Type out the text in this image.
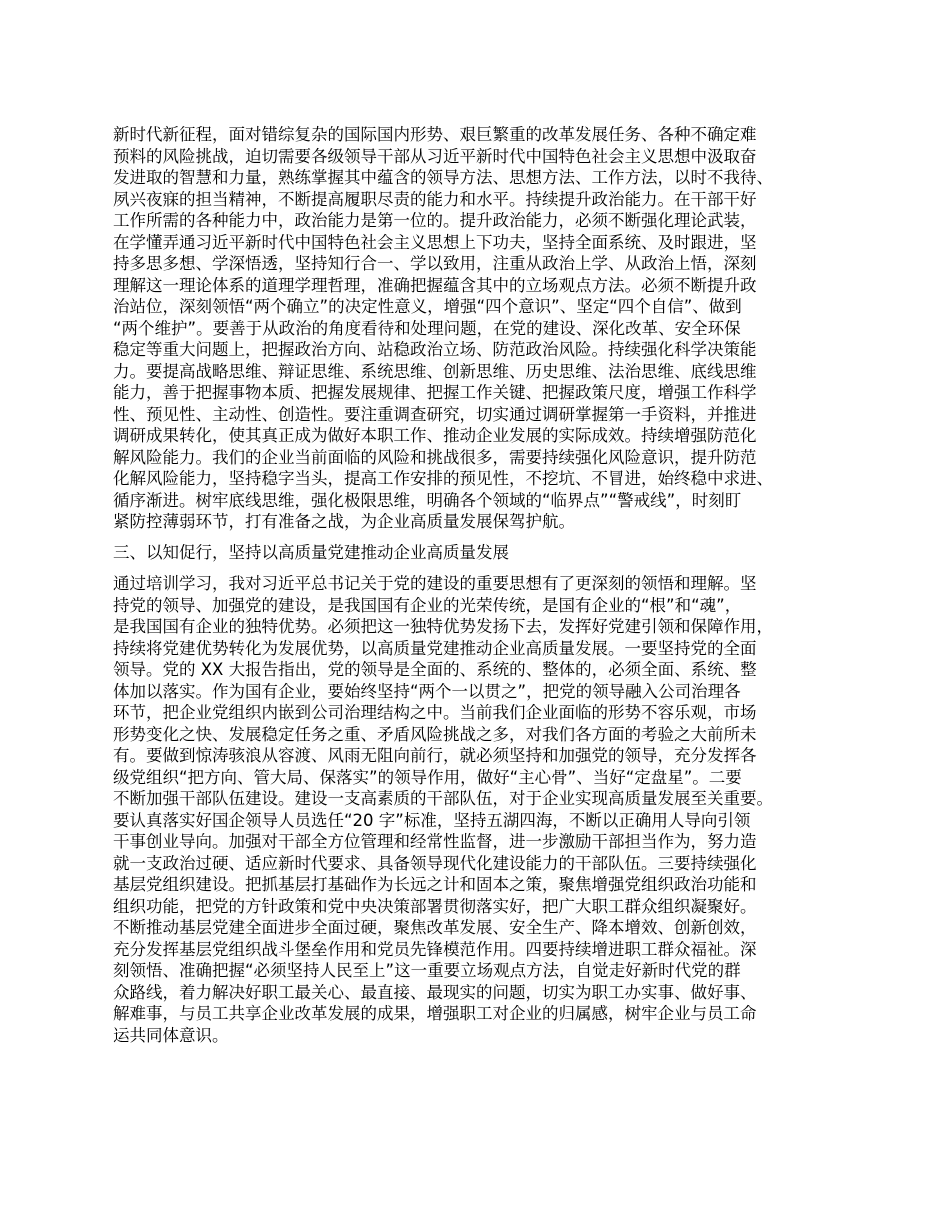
新时代新征程，面对错综复杂的国际国内形势、艰巨繁重的改革发展任务、各种不确定难
预料的风险挑战，迫切需要各级领导干部从习近平新时代中国特色社会主义思想中汲取奋
发进取的智慧和力量，熟练掌握其中蕴含的领导方法、思想方法、工作方法，以时不我待、
夙兴夜寐的担当精神，不断提高履职尽责的能力和水平。持续提升政治能力。在干部干好
工作所需的各种能力中，政治能力是第一位的。提升政治能力，必须不断强化理论武装，
在学懂弄通习近平新时代中国特色社会主义思想上下功夫，坚持全面系统、及时跟进，坚
持多思多想、学深悟透，坚持知行合一、学以致用，注重从政治上学、从政治上悟，深刻
理解这一理论体系的道理学理哲理，准确把握蕴含其中的立场观点方法。必须不断提升政
治站位，深刻领悟“两个确立”的决定性意义，增强“四个意识”、坚定“四个自信”、做到
“两个维护”。要善于从政治的角度看待和处理问题，在党的建设、深化改革、安全环保
稳定等重大问题上，把握政治方向、站稳政治立场、防范政治风险。持续强化科学决策能
力。要提高战略思维、辩证思维、系统思维、创新思维、历史思维、法治思维、底线思维
能力，善于把握事物本质、把握发展规律、把握工作关键、把握政策尺度，增强工作科学
性、预见性、主动性、创造性。要注重调查研究，切实通过调研掌握第一手资料，并推进
调研成果转化，使其真正成为做好本职工作、推动企业发展的实际成效。持续增强防范化
解风险能力。我们的企业当前面临的风险和挑战很多，需要持续强化风险意识，提升防范
化解风险能力，坚持稳字当头，提高工作安排的预见性，不挖坑、不冒进，始终稳中求进、
循序渐进。树牢底线思维，强化极限思维，明确各个领域的“临界点”“警戒线”，时刻盯
紧防控薄弱环节，打有准备之战，为企业高质量发展保驾护航。
三、以知促行，坚持以高质量党建推动企业高质量发展
通过培训学习，我对习近平总书记关于党的建设的重要思想有了更深刻的领悟和理解。坚
持党的领导、加强党的建设，是我国国有企业的光荣传统，是国有企业的“根”和“魂”，
是我国国有企业的独特优势。必须把这一独特优势发扬下去，发挥好党建引领和保障作用，
持续将党建优势转化为发展优势，以高质量党建推动企业高质量发展。一要坚持党的全面
领导。党的 XX 大报告指出，党的领导是全面的、系统的、整体的，必须全面、系统、整
体加以落实。作为国有企业，要始终坚持“两个一以贯之”，把党的领导融入公司治理各
环节，把企业党组织内嵌到公司治理结构之中。当前我们企业面临的形势不容乐观，市场
形势变化之快、发展稳定任务之重、矛盾风险挑战之多，对我们各方面的考验之大前所未
有。要做到惊涛骇浪从容渡、风雨无阻向前行，就必须坚持和加强党的领导，充分发挥各
级党组织“把方向、管大局、保落实”的领导作用，做好“主心骨”、当好“定盘星”。二要
不断加强干部队伍建设。建设一支高素质的干部队伍，对于企业实现高质量发展至关重要。
要认真落实好国企领导人员选任“20 字”标准，坚持五湖四海，不断以正确用人导向引领
干事创业导向。加强对干部全方位管理和经常性监督，进一步激励干部担当作为，努力造
就一支政治过硬、适应新时代要求、具备领导现代化建设能力的干部队伍。三要持续强化
基层党组织建设。把抓基层打基础作为长远之计和固本之策，聚焦增强党组织政治功能和
组织功能，把党的方针政策和党中央决策部署贯彻落实好，把广大职工群众组织凝聚好。
不断推动基层党建全面进步全面过硬，聚焦改革发展、安全生产、降本增效、创新创效，
充分发挥基层党组织战斗堡垒作用和党员先锋模范作用。四要持续增进职工群众福祉。深
刻领悟、准确把握“必须坚持人民至上”这一重要立场观点方法，自觉走好新时代党的群
众路线，着力解决好职工最关心、最直接、最现实的问题，切实为职工办实事、做好事、
解难事，与员工共享企业改革发展的成果，增强职工对企业的归属感，树牢企业与员工命
运共同体意识。
